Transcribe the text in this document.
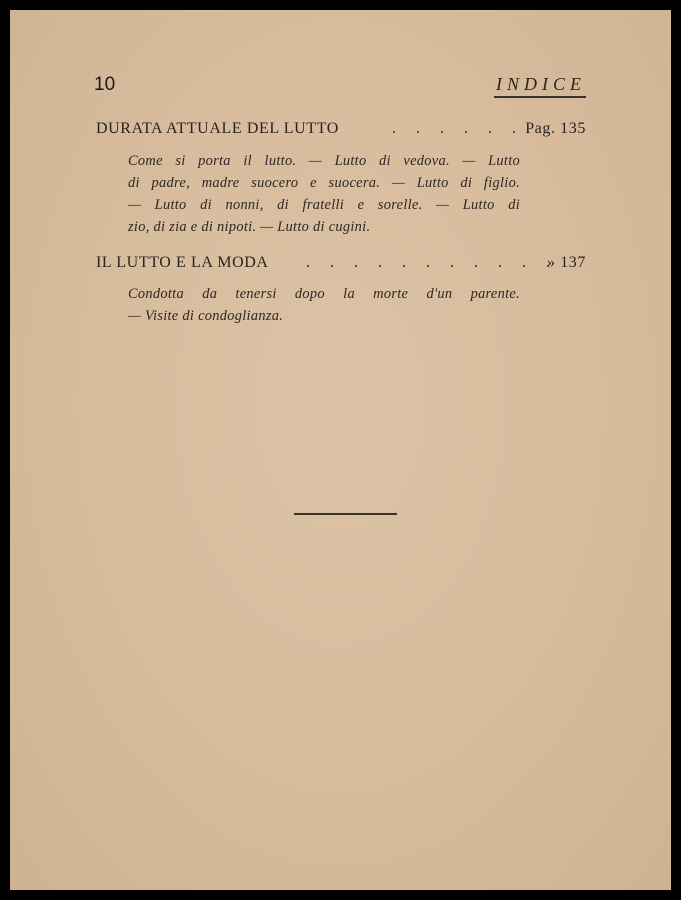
10	INDICE
DURATA ATTUALE DEL LUTTO	. . . . . . Pag. 135
Come si porta il lutto. — Lutto di vedova. — Lutto
di padre, madre suocero e suocera. — Lutto di figlio.
— Lutto di nonni, di fratelli e sorelle. — Lutto di
zio, di zia e di nipoti. — Lutto di cugini.
IL LUTTO E LA MODA . . . . . . . . . . .
» 137
Condotta da tenersi dopo la morte d'un parente.
— Visite di condoglianza.
